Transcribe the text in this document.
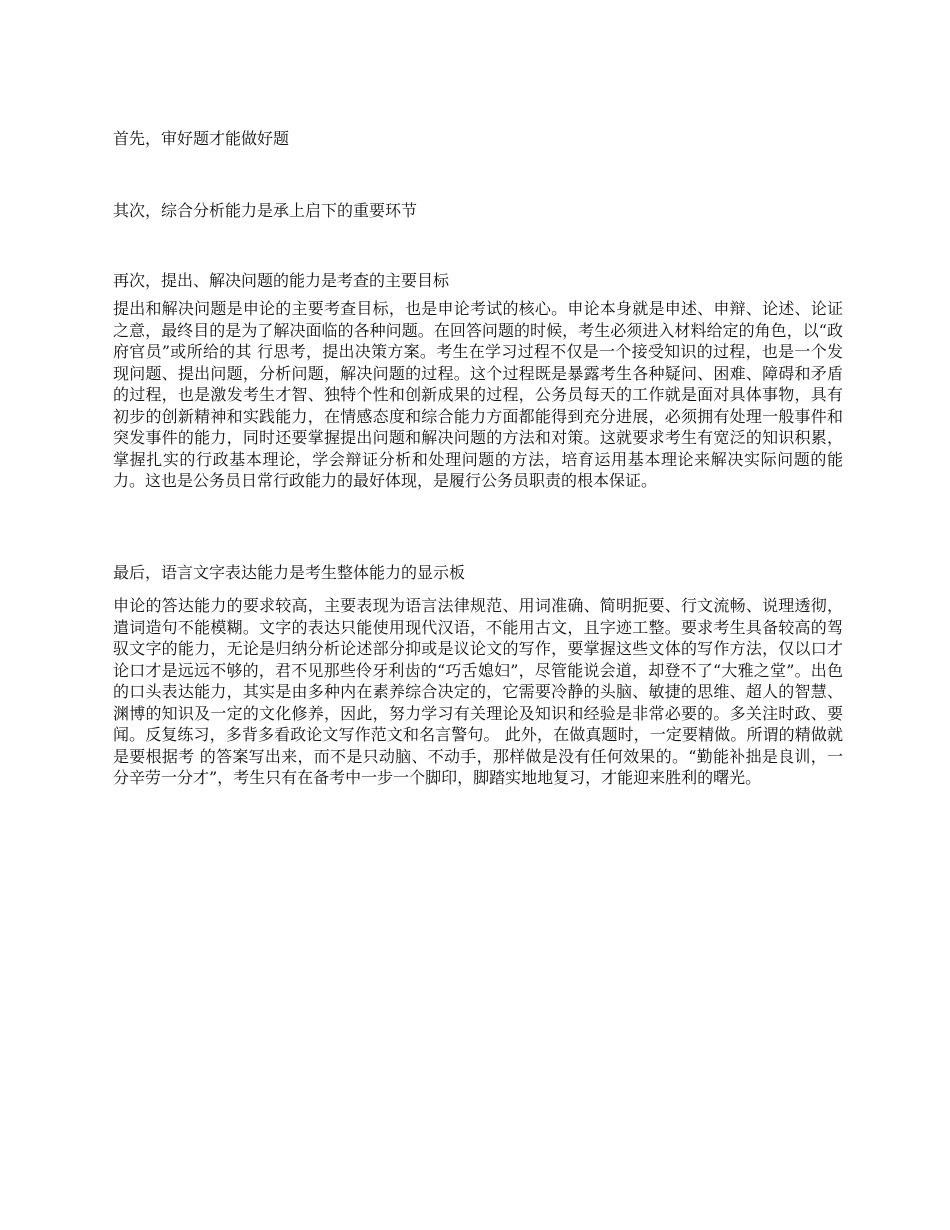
首先，审好题才能做好题

其次，综合分析能力是承上启下的重要环节

再次，提出、解决问题的能力是考查的主要目标

提出和解决问题是申论的主要考查目标，也是申论考试的核心。申论本身就是申述、申辩、论述、论证之意，最终目的是为了解决面临的各种问题。在回答问题的时候，考生必须进入材料给定的角色，以“政府官员”或所给的其 行思考，提出决策方案。考生在学习过程不仅是一个接受知识的过程，也是一个发现问题、提出问题，分析问题，解决问题的过程。这个过程既是暴露考生各种疑问、困难、障碍和矛盾的过程，也是激发考生才智、独特个性和创新成果的过程，公务员每天的工作就是面对具体事物，具有初步的创新精神和实践能力，在情感态度和综合能力方面都能得到充分进展，必须拥有处理一般事件和突发事件的能力，同时还要掌握提出问题和解决问题的方法和对策。这就要求考生有宽泛的知识积累，掌握扎实的行政基本理论，学会辩证分析和处理问题的方法，培育运用基本理论来解决实际问题的能力。这也是公务员日常行政能力的最好体现，是履行公务员职责的根本保证。

最后，语言文字表达能力是考生整体能力的显示板

申论的答达能力的要求较高，主要表现为语言法律规范、用词准确、简明扼要、行文流畅、说理透彻，遣词造句不能模糊。文字的表达只能使用现代汉语，不能用古文，且字迹工整。要求考生具备较高的驾驭文字的能力，无论是归纳分析论述部分抑或是议论文的写作，要掌握这些文体的写作方法，仅以口才论口才是远远不够的，君不见那些伶牙利齿的“巧舌媳妇”，尽管能说会道，却登不了“大雅之堂”。出色的口头表达能力，其实是由多种内在素养综合决定的，它需要冷静的头脑、敏捷的思维、超人的智慧、渊博的知识及一定的文化修养，因此，努力学习有关理论及知识和经验是非常必要的。多关注时政、要闻。反复练习，多背多看政论文写作范文和名言警句。 此外，在做真题时，一定要精做。所谓的精做就是要根据考 的答案写出来，而不是只动脑、不动手，那样做是没有任何效果的。“勤能补拙是良训，一分辛劳一分才”，考生只有在备考中一步一个脚印，脚踏实地地复习，才能迎来胜利的曙光。
